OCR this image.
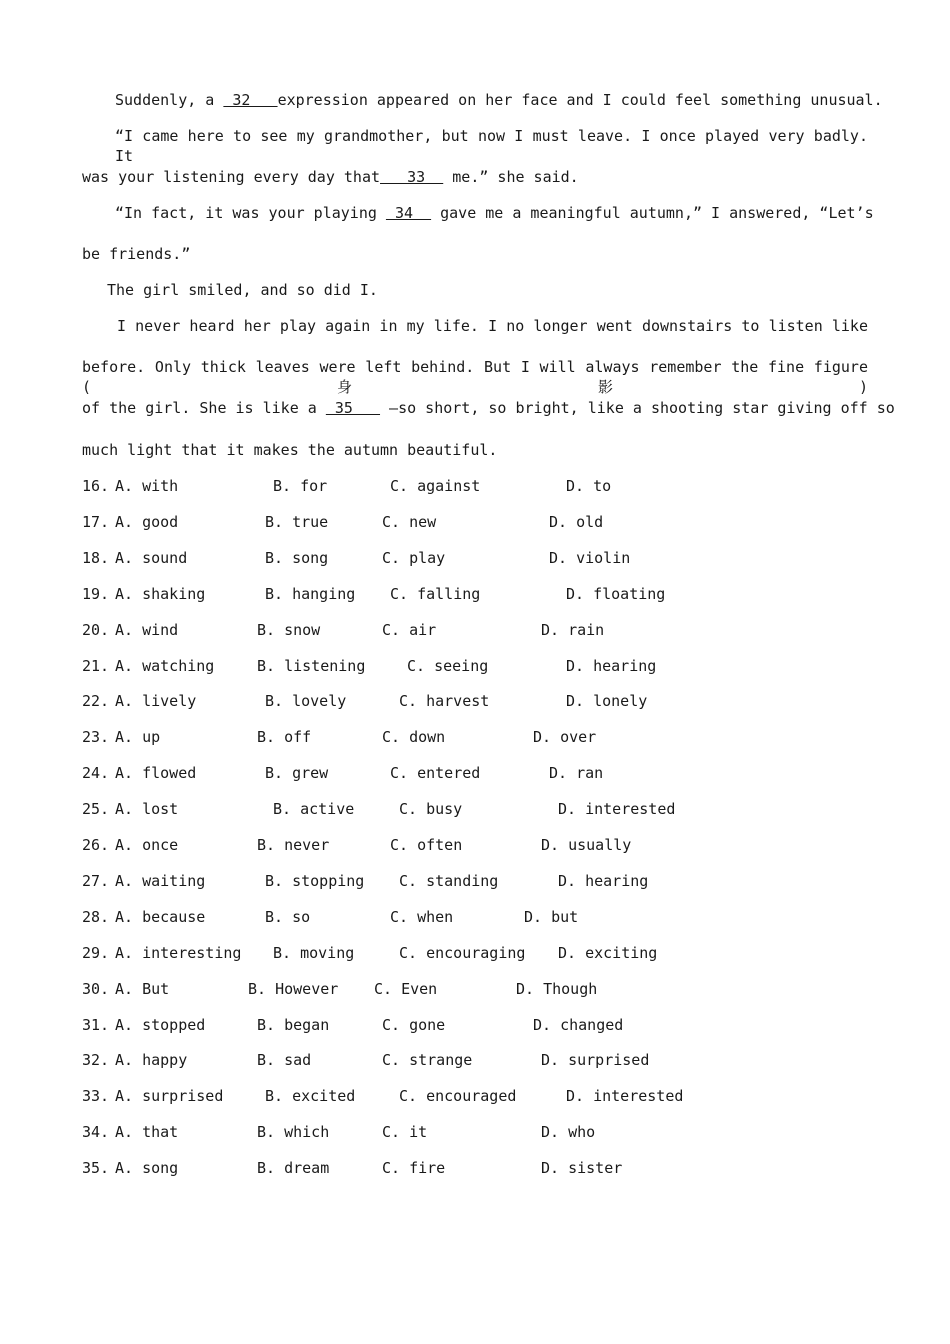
Suddenly, a  32   expression appeared on her face and I could feel something unusual.
“I came here to see my grandmother, but now I must leave. I once played very badly. It
was your listening every day that   33   me.” she said.
“In fact, it was your playing  34   gave me a meaningful autumn,” I answered, “Let’s
be friends.”
The girl smiled, and so did I.
I never heard her play again in my life. I no longer went downstairs to listen like
before. Only thick leaves were left behind. But I will always remember the fine figure (身影)
of the girl. She is like a  35    —so short, so bright, like a shooting star giving off so
much light that it makes the autumn beautiful.
16. A. with	B. for	C. against	D. to
17. A. good	B. true	C. new	D. old
18. A. sound	B. song	C. play	D. violin
19. A. shaking	B. hanging C. falling	D. floating
20. A. wind	B. snow	C. air	D. rain
21. A. watching	B. listening	C. seeing	D. hearing
22. A. lively	B. lovely	C. harvest	D. lonely
23. A. up	B. off	C. down	D. over
24. A. flowed	B. grew	C. entered	D. ran
25. A. lost	B. active	C. busy	D. interested
26. A. once	B. never	C. often	D. usually
27. A. waiting	B. stopping C. standing	D. hearing
28. A. because	B. so	C. when	D. but
29. A. interesting B. moving	C. encouraging D. exciting
30. A. But	B. However C. Even	D. Though
31. A. stopped	B. began	C. gone	D. changed
32. A. happy	B. sad	C. strange	D. surprised
33. A. surprised	B. excited	C. encouraged	D. interested
34. A. that	B. which	C. it	D. who
35. A. song	B. dream	C. fire	D. sister
